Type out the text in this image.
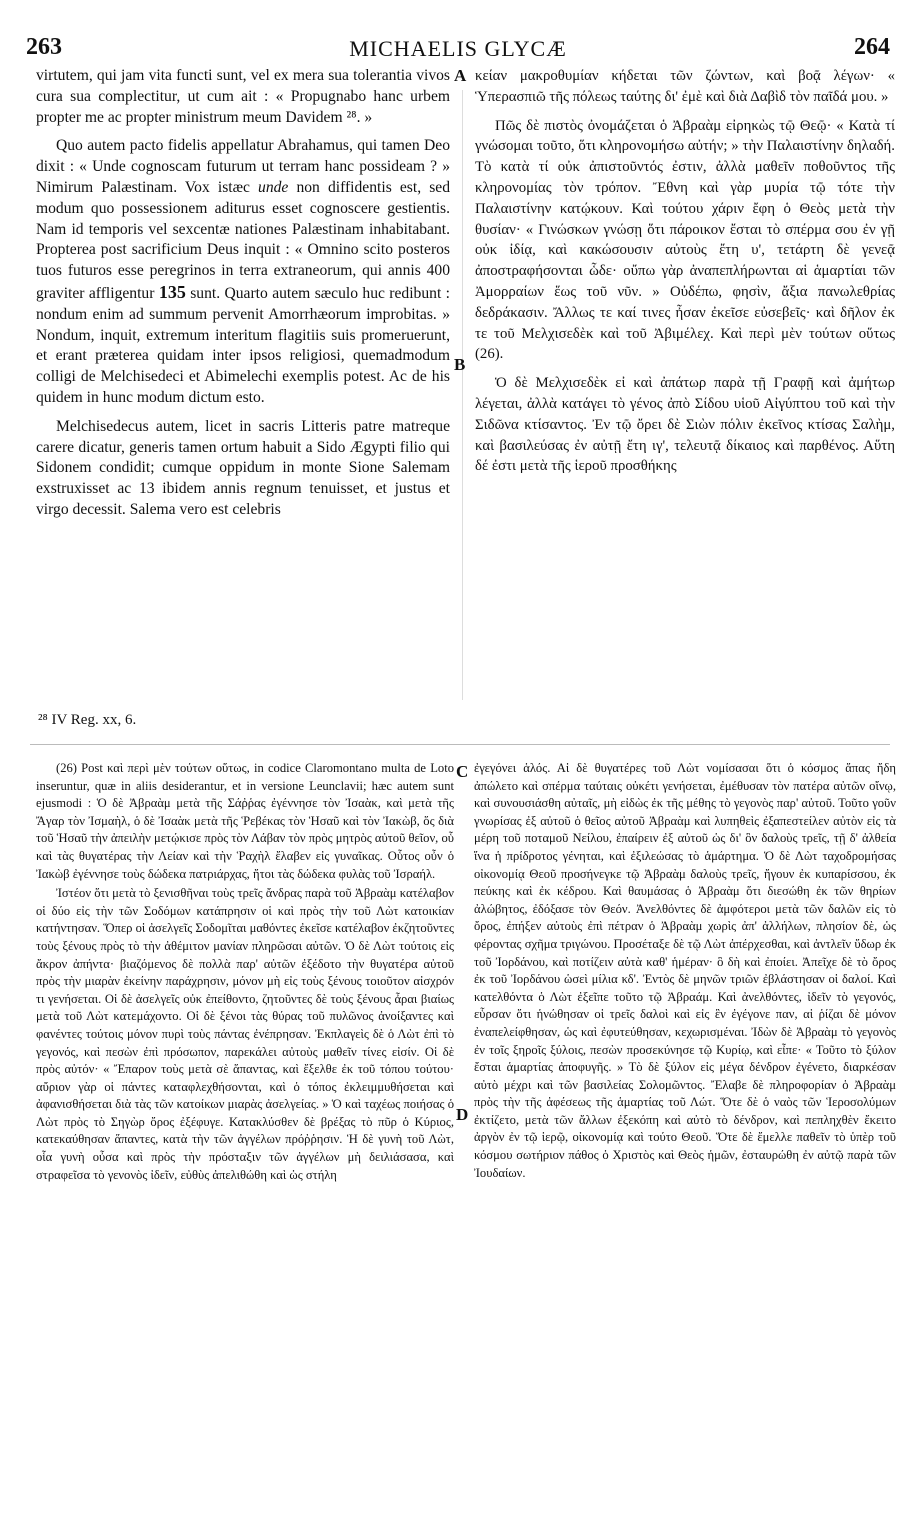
263	MICHAELIS GLYCÆ	264
A
B
C
D

virtutem, qui jam vita functi sunt, vel ex mera sua tolerantia vivos cura sua complectitur, ut cum ait : « Propugnabo hanc urbem propter me ac propter ministrum meum Davidem ²⁸. »

Quo autem pacto fidelis appellatur Abrahamus, qui tamen Deo dixit : « Unde cognoscam futurum ut terram hanc possideam ? » Nimirum Palæstinam. Vox istæc unde non diffidentis est, sed modum quo possessionem aditurus esset cognoscere gestientis. Nam id temporis vel sexcentæ nationes Palæstinam inhabitabant. Propterea post sacrificium Deus inquit : « Omnino scito posteros tuos futuros esse peregrinos in terra extraneorum, qui annis 400 graviter affligentur 135 sunt. Quarto autem sæculo huc redibunt : nondum enim ad summum pervenit Amorrhæorum improbitas. » Nondum, inquit, extremum interitum flagitiis suis promeruerunt, et erant præterea quidam inter ipsos religiosi, quemadmodum colligi de Melchisedeci et Abimelechi exemplis potest. Ac de his quidem in hunc modum dictum esto.

Melchisedecus autem, licet in sacris Litteris patre matreque carere dicatur, generis tamen ortum habuit a Sido Ægypti filio qui Sidonem condidit; cumque oppidum in monte Sione Salemam exstruxisset ac 13 ibidem annis regnum tenuisset, et justus et virgo decessit. Salema vero est celebris

κείαν μακροθυμίαν κήδεται τῶν ζώντων, καὶ βοᾷ λέγων· « Ὑπερασπιῶ τῆς πόλεως ταύτης δι' ἐμὲ καὶ διὰ Δαβὶδ τὸν παῖδά μου. »

Πῶς δὲ πιστὸς ὀνομάζεται ὁ Ἀβραὰμ εἰρηκὼς τῷ Θεῷ· « Κατὰ τί γνώσομαι τοῦτο, ὅτι κληρονομήσω αὐτήν; » τὴν Παλαιστίνην δηλαδή. Τὸ κατὰ τί οὐκ ἀπιστοῦντός ἐστιν, ἀλλὰ μαθεῖν ποθοῦντος τῆς κληρονομίας τὸν τρόπον. Ἔθνη καὶ γὰρ μυρία τῷ τότε τὴν Παλαιστίνην κατῴκουν. Καὶ τούτου χάριν ἔφη ὁ Θεὸς μετὰ τὴν θυσίαν· « Γινώσκων γνώσῃ ὅτι πάροικον ἔσται τὸ σπέρμα σου ἐν γῇ οὐκ ἰδίᾳ, καὶ κακώσουσιν αὐτοὺς ἔτη υ', τετάρτη δὲ γενεᾷ ἀποστραφήσονται ὧδε· οὔπω γὰρ ἀναπεπλήρωνται αἱ ἁμαρτίαι τῶν Ἀμορραίων ἕως τοῦ νῦν. » Οὐδέπω, φησὶν, ἄξια πανωλεθρίας δεδράκασιν. Ἄλλως τε καί τινες ἦσαν ἐκεῖσε εὐσεβεῖς· καὶ δῆλον ἐκ τε τοῦ Μελχισεδὲκ καὶ τοῦ Ἀβιμέλεχ. Καὶ περὶ μὲν τούτων οὕτως (26).

Ὁ δὲ Μελχισεδὲκ εἰ καὶ ἀπάτωρ παρὰ τῇ Γραφῇ καὶ ἀμήτωρ λέγεται, ἀλλὰ κατάγει τὸ γένος ἀπὸ Σίδου υἱοῦ Αἰγύπτου τοῦ καὶ τὴν Σιδῶνα κτίσαντος. Ἐν τῷ ὄρει δὲ Σιὼν πόλιν ἐκεῖνος κτίσας Σαλὴμ, καὶ βασιλεύσας ἐν αὐτῇ ἔτη ιγ', τελευτᾷ δίκαιος καὶ παρθένος. Αὕτη δέ ἐστι μετὰ τῆς ἱεροῦ προσθήκης

²⁸ IV Reg. xx, 6.

(26) Post καὶ περὶ μὲν τούτων οὕτως, in codice Claromontano multa de Loto inseruntur, quæ in aliis desiderantur, et in versione Leunclavii; hæc autem sunt ejusmodi : Ὁ δὲ Ἀβραὰμ μετὰ τῆς Σάῤῥας ἐγέννησε τὸν Ἰσαὰκ, καὶ μετὰ τῆς Ἄγαρ τὸν Ἰσμαὴλ, ὁ δὲ Ἰσαὰκ μετὰ τῆς Ῥεβέκας τὸν Ἡσαῦ καὶ τὸν Ἰακὼβ, ὅς διὰ τοῦ Ἡσαῦ τὴν ἀπειλὴν μετῴκισε πρὸς τὸν Λάβαν τὸν πρὸς μητρὸς αὐτοῦ θεῖον, οὗ καὶ τὰς θυγατέρας τὴν Λείαν καὶ τὴν Ῥαχὴλ ἔλαβεν εἰς γυναῖκας. Οὗτος οὖν ὁ Ἰακὼβ ἐγέννησε τοὺς δώδεκα πατριάρχας, ἤτοι τὰς δώδεκα φυλὰς τοῦ Ἰσραήλ.

Ἰστέον ὅτι μετὰ τὸ ξενισθῆναι τοὺς τρεῖς ἄνδρας παρὰ τοῦ Ἀβραὰμ κατέλαβον οἱ δύο εἰς τὴν τῶν Σοδόμων κατάπρησιν οἱ καὶ πρὸς τὴν τοῦ Λὼτ κατοικίαν κατήντησαν. Ὅπερ οἱ ἀσελγεῖς Σοδομῖται μαθόντες ἐκεῖσε κατέλαβον ἐκζητοῦντες τοὺς ξένους πρὸς τὸ τὴν ἀθέμιτον μανίαν πληρῶσαι αὐτῶν. Ὁ δὲ Λὼτ τούτοις εἰς ἄκρον ἀπήντα· βιαζόμενος δὲ πολλὰ παρ' αὐτῶν ἐξέδοτο τὴν θυγατέρα αὐτοῦ πρὸς τὴν μιαρὰν ἐκείνην παράχρησιν, μόνον μὴ εἰς τοὺς ξένους τοιοῦτον αἰσχρόν τι γενήσεται. Οἱ δὲ ἀσελγεῖς οὐκ ἐπείθοντο, ζητοῦντες δὲ τοὺς ξένους ἆραι βιαίως μετὰ τοῦ Λὼτ κατεμάχοντο. Οἱ δὲ ξένοι τὰς θύρας τοῦ πυλῶνος ἀνοίξαντες καὶ φανέντες τούτοις μόνον πυρὶ τοὺς πάντας ἐνέπρησαν. Ἐκπλαγεὶς δὲ ὁ Λὼτ ἐπὶ τὸ γεγονός, καὶ πεσὼν ἐπὶ πρόσωπον, παρεκάλει αὐτοὺς μαθεῖν τίνες εἰσίν. Οἱ δὲ πρὸς αὐτόν· « Ἔπαρον τοὺς μετὰ σὲ ἅπαντας, καὶ ἔξελθε ἐκ τοῦ τόπου τούτου· αὔριον γὰρ οἱ πάντες καταφλεχθήσονται, καὶ ὁ τόπος ἐκλειμμυθήσεται καὶ ἀφανισθήσεται διὰ τὰς τῶν κατοίκων μιαρὰς ἀσελγείας. » Ὁ καὶ ταχέως ποιήσας ὁ Λὼτ πρὸς τὸ Σηγὼρ ὄρος ἐξέφυγε. Κατακλύσθεν δὲ βρέξας τὸ πῦρ ὁ Κύριος, κατεκαύθησαν ἅπαντες, κατὰ τὴν τῶν ἀγγέλων πρόῤῥησιν. Ἡ δὲ γυνὴ τοῦ Λὼτ, οἷα γυνὴ οὖσα καὶ πρὸς τὴν πρόσταξιν τῶν ἀγγέλων μὴ δειλιάσασα, καὶ στραφεῖσα τὸ γενονὸς ἰδεῖν, εὐθὺς ἀπελιθώθη καὶ ὡς στήλη

ἐγεγόνει ἁλός. Αἱ δὲ θυγατέρες τοῦ Λὼτ νομίσασαι ὅτι ὁ κόσμος ἅπας ἤδη ἀπώλετο καὶ σπέρμα ταύταις οὐκέτι γενήσεται, ἐμέθυσαν τὸν πατέρα αὐτῶν οἴνῳ, καὶ συνουσιάσθη αὐταῖς, μὴ εἰδὼς ἐκ τῆς μέθης τὸ γεγονὸς παρ' αὐτοῦ. Τοῦτο γοῦν γνωρίσας ἐξ αὐτοῦ ὁ θεῖος αὐτοῦ Ἀβραὰμ καὶ λυπηθεὶς ἐξαπεστείλεν αὐτὸν εἰς τὰ μέρη τοῦ ποταμοῦ Νείλου, ἐπαίρειν ἐξ αὐτοῦ ὡς δι' ὃν δαλοὺς τρεῖς, τῇ δ' ἀλθεία ἵνα ἡ πρίδροτος γένηται, καὶ ἐξιλεώσας τὸ ἁμάρτημα. Ὁ δὲ Λὼτ ταχοδρομήσας οἰκονομίᾳ Θεοῦ προσήνεγκε τῷ Ἀβραὰμ δαλοὺς τρεῖς, ἤγουν ἐκ κυπαρίσσου, ἐκ πεύκης καὶ ἐκ κέδρου. Καὶ θαυμάσας ὁ Ἀβραὰμ ὅτι διεσώθη ἐκ τῶν θηρίων ἀλώβητος, ἐδόξασε τὸν Θεόν. Ἀνελθόντες δὲ ἀμφότεροι μετὰ τῶν δαλῶν εἰς τὸ ὄρος, ἐπήξεν αὐτοὺς ἐπὶ πέτραν ὁ Ἀβραὰμ χωρὶς ἀπ' ἀλλήλων, πλησίον δὲ, ὡς φέροντας σχῆμα τριγώνου. Προσέταξε δὲ τῷ Λὼτ ἀπέρχεσθαι, καὶ ἀντλεῖν ὕδωρ ἐκ τοῦ Ἰορδάνου, καὶ ποτίζειν αὐτὰ καθ' ἡμέραν· ὃ δὴ καὶ ἐποίει. Ἀπεῖχε δὲ τὸ ὄρος ἐκ τοῦ Ἰορδάνου ὡσεὶ μίλια κδ'. Ἐντὸς δὲ μηνῶν τριῶν ἐβλάστησαν οἱ δαλοί. Καὶ κατελθόντα ὁ Λὼτ ἐξεῖπε τοῦτο τῷ Ἀβραάμ. Καὶ ἀνελθόντες, ἰδεῖν τὸ γεγονός, εὗρσαν ὅτι ἡνώθησαν οἱ τρεῖς δαλοὶ καὶ εἰς ἓν ἐγέγονε παν, αἱ ῥίζαι δὲ μόνον ἐναπελείφθησαν, ὡς καὶ ἐφυτεύθησαν, κεχωρισμέναι. Ἰδὼν δὲ Ἀβραὰμ τὸ γεγονὸς ἐν τοῖς ξηροῖς ξύλοις, πεσὼν προσεκύνησε τῷ Κυρίῳ, καὶ εἶπε· « Τοῦτο τὸ ξύλον ἔσται ἁμαρτίας ἀποφυγῆς. » Τὸ δὲ ξύλον εἰς μέγα δένδρον ἐγένετο, διαρκέσαν αὐτὸ μέχρι καὶ τῶν βασιλείας Σολομῶντος. Ἔλαβε δὲ πληροφορίαν ὁ Ἀβραὰμ πρὸς τὴν τῆς ἀφέσεως τῆς ἁμαρτίας τοῦ Λώτ. Ὅτε δὲ ὁ ναὸς τῶν Ἱεροσολύμων ἐκτίζετο, μετὰ τῶν ἄλλων ἐξεκόπη καὶ αὐτὸ τὸ δένδρον, καὶ πεπληχθὲν ἔκειτο ἀργὸν ἐν τῷ ἱερῷ, οἰκονομίᾳ καὶ τούτο Θεοῦ. Ὅτε δὲ ἔμελλε παθεῖν τὸ ὑπὲρ τοῦ κόσμου σωτήριον πάθος ὁ Χριστὸς καὶ Θεὸς ἡμῶν, ἐσταυρώθη ἐν αὐτῷ παρὰ τῶν Ἰουδαίων.
